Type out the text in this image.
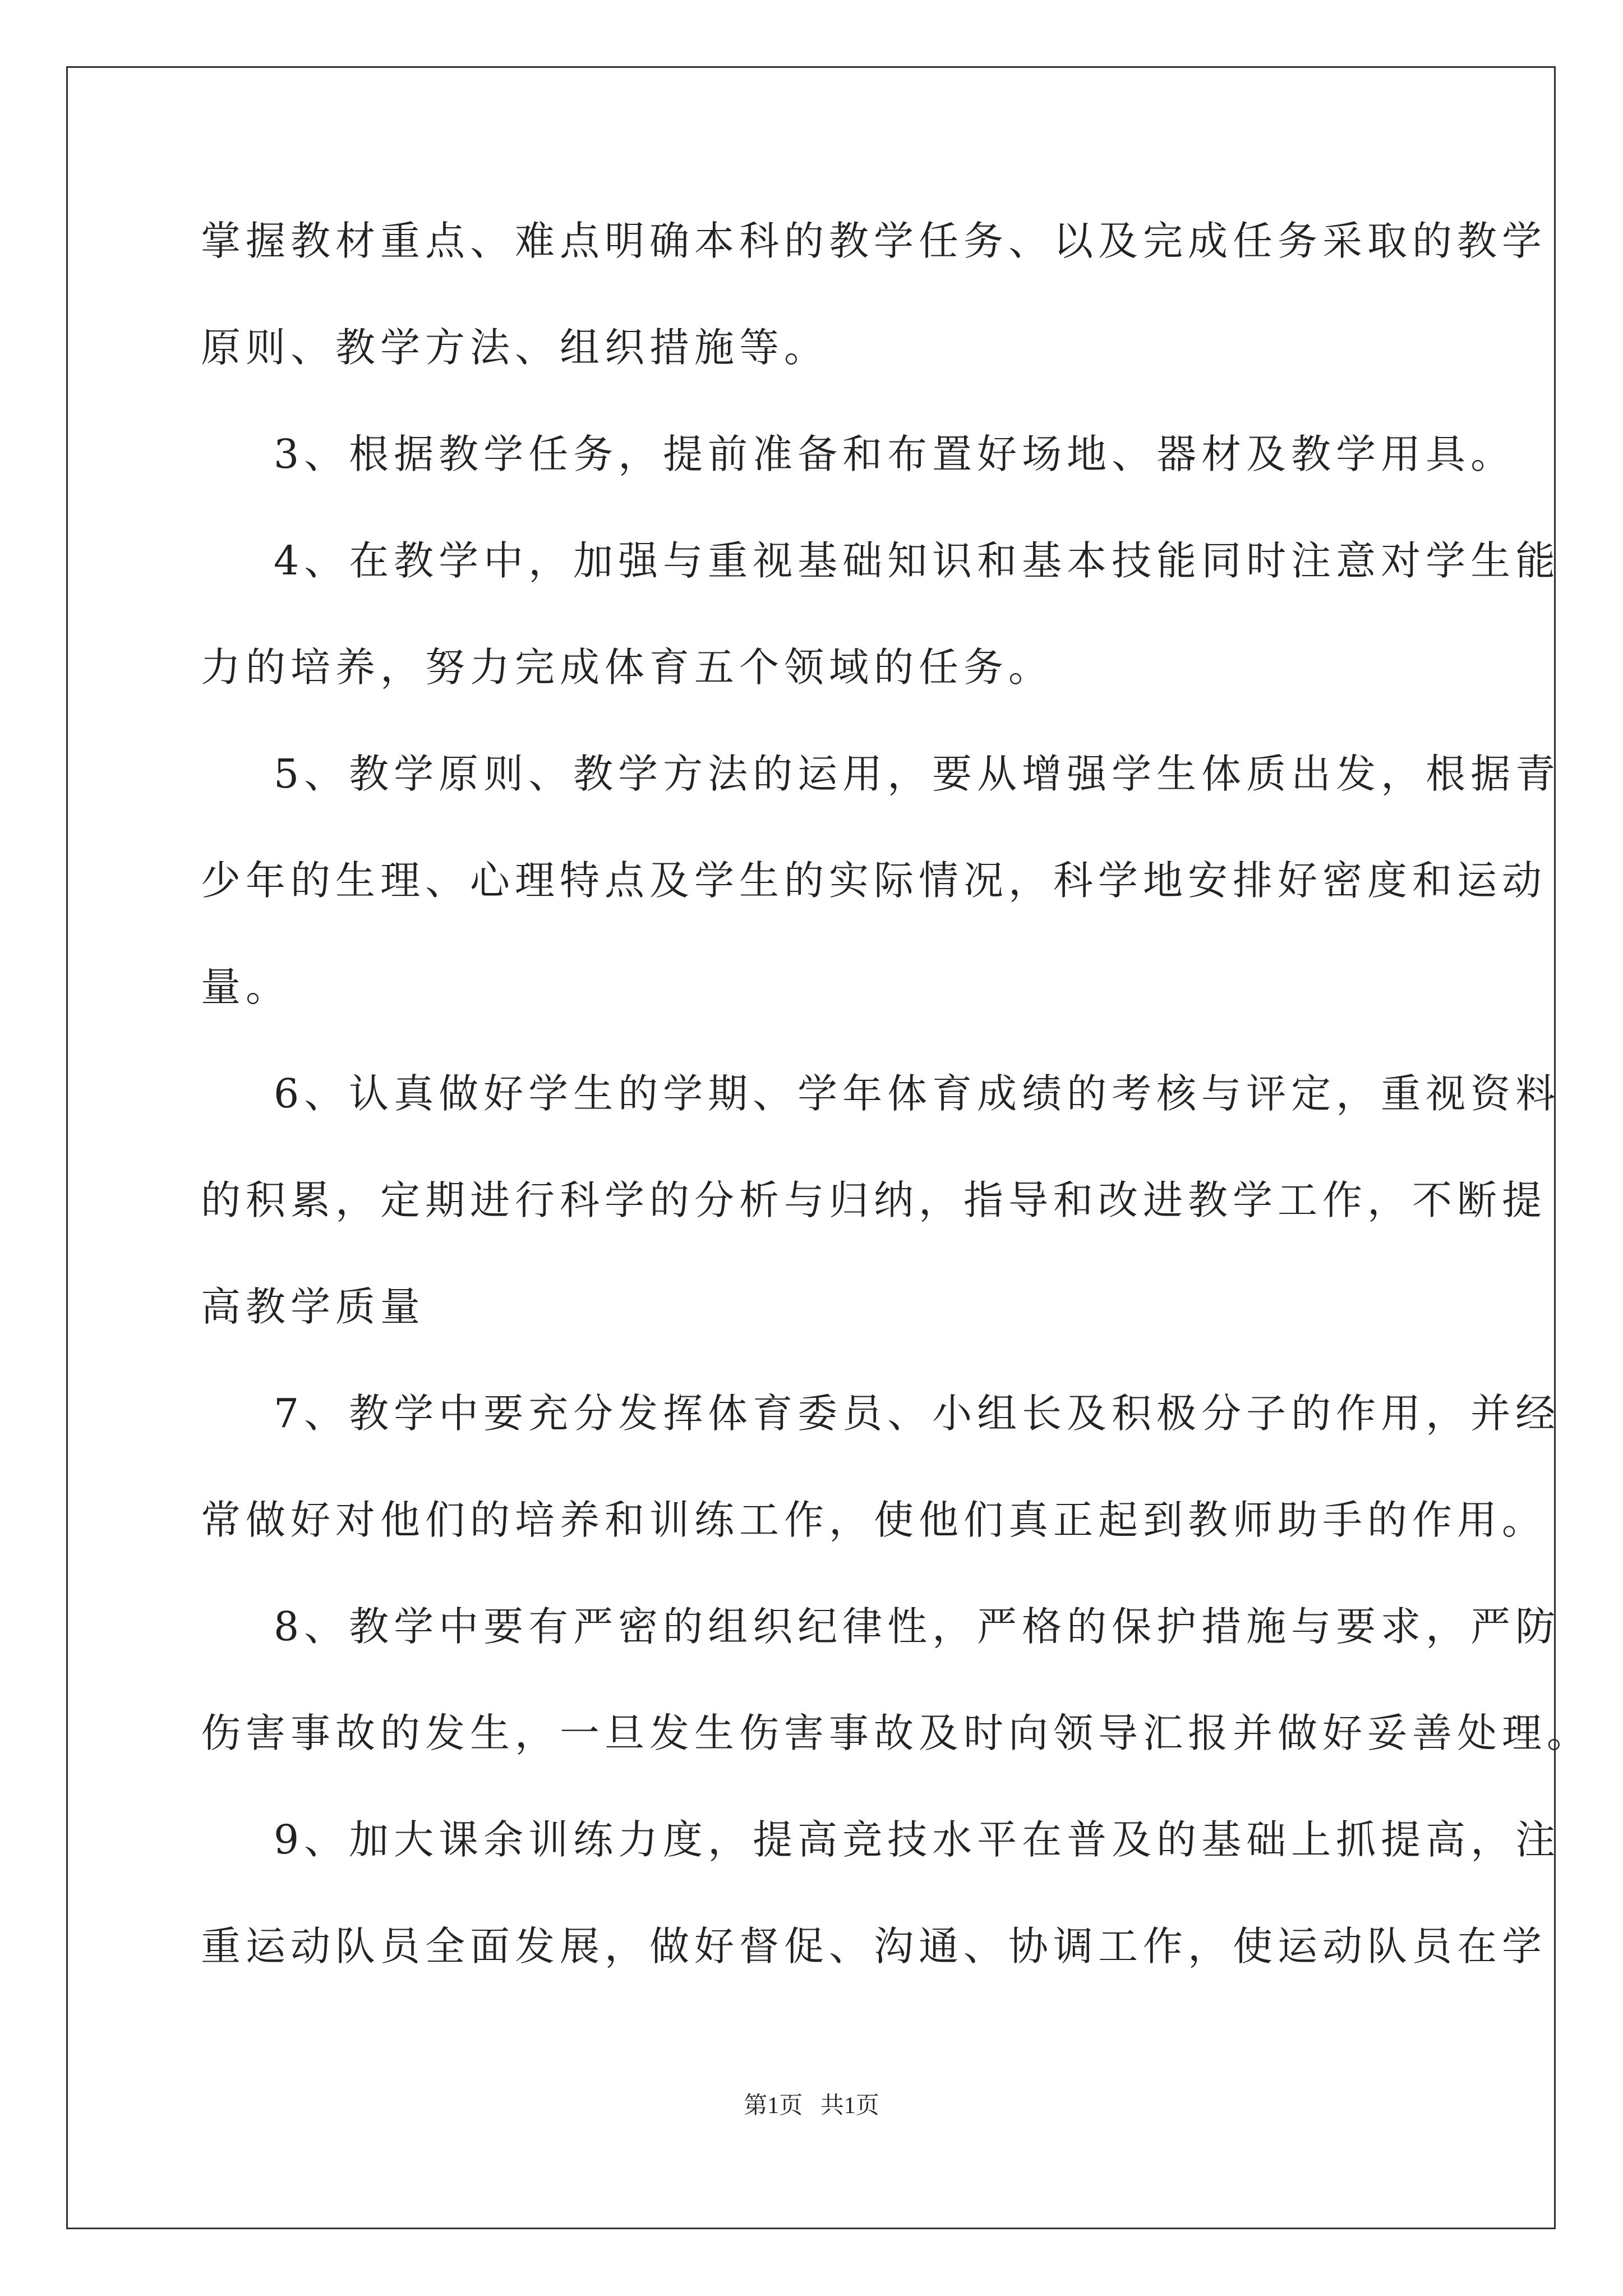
掌握教材重点、难点明确本科的教学任务、以及完成任务采取的教学
原则、教学方法、组织措施等。
3、根据教学任务，提前准备和布置好场地、器材及教学用具。
4、在教学中，加强与重视基础知识和基本技能同时注意对学生能
力的培养，努力完成体育五个领域的任务。
5、教学原则、教学方法的运用，要从增强学生体质出发，根据青
少年的生理、心理特点及学生的实际情况，科学地安排好密度和运动
量。
6、认真做好学生的学期、学年体育成绩的考核与评定，重视资料
的积累，定期进行科学的分析与归纳，指导和改进教学工作，不断提
高教学质量
7、教学中要充分发挥体育委员、小组长及积极分子的作用，并经
常做好对他们的培养和训练工作，使他们真正起到教师助手的作用。
8、教学中要有严密的组织纪律性，严格的保护措施与要求，严防
伤害事故的发生，一旦发生伤害事故及时向领导汇报并做好妥善处理。
9、加大课余训练力度，提高竞技水平在普及的基础上抓提高，注
重运动队员全面发展，做好督促、沟通、协调工作，使运动队员在学
第1页   共1页
